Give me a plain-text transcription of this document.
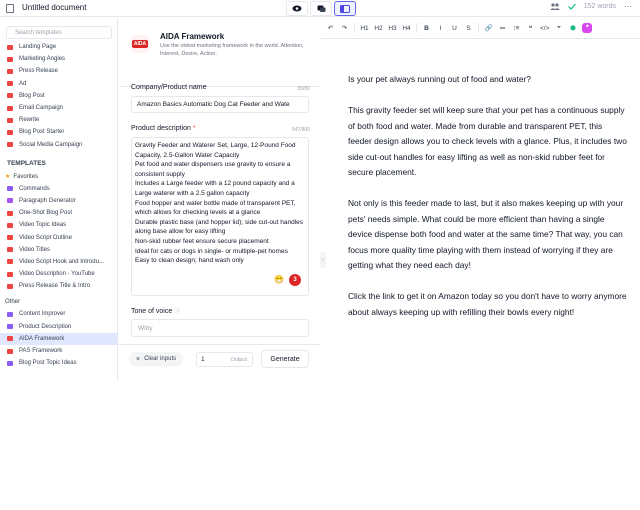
Untitled document	152 words ⋯
Search templates
Landing Page
Marketing Angles
Press Release
Ad
Blog Post
Email Campaign
Rewrite
Blog Post Starter
Social Media Campaign
TEMPLATES
★ Favorites
Commands
Paragraph Generator
One-Shot Blog Post
Video Topic Ideas
Video Script Outline
Video Titles
Video Script Hook and Introdu...
Video Description - YouTube
Press Release Title & Intro
Other
Content Improver
Product Description
AIDA Framework
PAS Framework
Blog Post Topic Ideas
AIDA
AIDA Framework
Use the oldest marketing framework in the world. Attention, Interest, Desire, Action.
Company/Product name	55/80
Amazon Basics Automatic Dog Cat Feeder and Wate
Product description *	547/800
Gravity Feeder and Waterer Set, Large, 12-Pound Food Capacity, 2.5-Gallon Water Capacity
Pet food and water dispensers use gravity to ensure a consistent supply
Includes a Large feeder with a 12 pound capacity and a Large waterer with a 2.5 gallon capacity
Food hopper and water bottle made of transparent PET, which allows for checking levels at a glance
Durable plastic base (and hopper lid); side cut-out handles along base allow for easy lifting
Non-skid rubber feet ensure secure placement
Ideal for cats or dogs in single- or multiple-pet homes
Easy to clean design; hand wash only
😁	3
Tone of voice ⓘ
Witty
× Clear inputs	1	Output	Generate
‹
↶ ↷ H1 H2 H3 H4	B	I	U	S	🔗 ≔ ⁝≡	❝	</>	⌖	⬢	✦

Is your pet always running out of food and water?

This gravity feeder set will keep sure that your pet has a continuous supply of both food and water. Made from durable and transparent PET, this feeder design allows you to check levels with a glance. Plus, it includes two side cut-out handles for easy lifting as well as non-skid rubber feet for secure placement.

Not only is this feeder made to last, but it also makes keeping up with your pets' needs simple. What could be more efficient than having a single device dispense both food and water at the same time? That way, you can focus more quality time playing with them instead of worrying if they are getting what they need each day!

Click the link to get it on Amazon today so you don't have to worry anymore about always keeping up with refilling their bowls every night!
